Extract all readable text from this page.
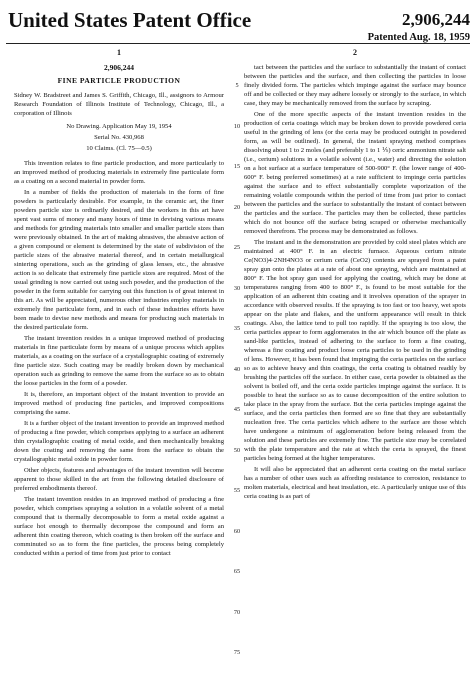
United States Patent Office	2,906,244
Patented Aug. 18, 1959
1
2,906,244
FINE PARTICLE PRODUCTION
Sidney W. Bradstreet and James S. Griffith, Chicago, Ill., assignors to Armour Research Foundation of Illinois Institute of Technology, Chicago, Ill., a corporation of Illinois
No Drawing. Application May 19, 1954
Serial No. 430,968
10 Claims. (Cl. 75—0.5)

This invention relates to fine particle production, and more particularly to an improved method of producing materials in extremely fine particulate form as a coating on a second material in powder form.

In a number of fields the production of materials in the form of fine powders is particularly desirable. For example, in the ceramic art, the finer powders particle size is ordinarily desired, and the workers in this art have spent vast sums of money and many hours of time in devising various means and methods for grinding materials into smaller and smaller particle sizes than were previously obtained. In the art of making abrasives, the abrasive action of a given compound or element is determined by the state of subdivision of the particle sizes of the abrasive material thereof, and in certain metallurgical sintering operations, such as the grinding of glass lenses, etc., the abrasive action is so delicate that extremely fine particle sizes are required. Most of the usual grinding is now carried out using such powder, and the production of the powder in the form suitable for carrying out this function is of great interest in this art. As will be appreciated, numerous other industries employ materials in extremely fine particulate form, and in each of these industries efforts have been made to devise new methods and means for producing such materials in the desired particulate form.

The instant invention resides in a unique improved method of producing materials in fine particulate form by means of a unique process which applies materials, as a coating on the surface of a crystallographic coating of extremely fine particle size. Such coating may be readily broken down by mechanical operation such as grinding to remove the same from the surface so as to obtain the loose particles in the form of a powder.

It is, therefore, an important object of the instant invention to provide an improved method of producing fine particles, and improved compositions comprising the same.

It is a further object of the instant invention to provide an improved method of producing a fine powder, which comprises applying to a surface an adherent thin crystallographic coating of metal oxide, and then mechanically breaking down the coating and removing the same from the surface to obtain the crystallographic metal oxide in powder form.

Other objects, features and advantages of the instant invention will become apparent to those skilled in the art from the following detailed disclosure of preferred embodiments thereof.

The instant invention resides in an improved method of producing a fine powder, which comprises spraying a solution in a volatile solvent of a metal compound that is thermally decomposable to form a metal oxide against a surface hot enough to thermally decompose the compound and form an adherent thin coating thereon, which coating is then broken off the surface and comminuted so as to form the fine particles, the process being completely conducted within a period of time from just prior to contact

2

tact between the particles and the surface to substantially the instant of contact between the particles and the surface, and then collecting the particles in loose finely divided form. The particles which impinge against the surface may bounce off and be collected or they may adhere loosely or strongly to the surface, in which case, they may be mechanically removed from the surface by scraping.

One of the more specific aspects of the instant invention resides in the production of ceria coatings which may be broken down to provide powdered ceria useful in the grinding of lens (or the ceria may be produced outright in powdered form, as will be outlined). In general, the instant spraying method comprises dissolving about 1 to 2 moles (and preferably 1 to 1 ⅕) ceric ammonium nitrate salt (i.e., cerium) solutions in a volatile solvent (i.e., water) and directing the solution on a hot surface at a surface temperature of 500-900° F. (the lower range of 400-600° F. being preferred sometimes) at a rate sufficient to impinge ceria particles against the surface and to effect substantially complete vaporization of the remaining volatile compounds within the period of time from just prior to contact between the particles and the surface to substantially the instant of contact between the particles and the surface. The particles may then be collected, these particles which do not bounce off the surface being scraped or otherwise mechanically removed therefrom. The process may be demonstrated as follows.

The instant and in the demonstration are provided by cold steel plates which are maintained at 400° F. in an electric furnace. Aqueous cerium nitrate Ce(NO3)4·2NH4NO3 or cerium ceria (CeO2) contents are sprayed from a paint spray gun onto the plates at a rate of about one spraying, which are maintained at 800° F. The hot spray gun used for applying the coating, which may be done at temperatures ranging from 400 to 800° F., is found to be most suitable for the application of an adherent thin coating and it involves operation of the sprayer in accordance with observed results. If the spraying is too fast or too heavy, wet spots appear on the plate and flakes, and the uniform appearance will result in thick coatings. Also, the lattice tend to pull too rapidly. If the spraying is too slow, the ceria particles appear to form agglomerates in the air which bounce off the plate as sand-like particles, instead of adhering to the surface to form a fine coating, whereas a fine coating and product loose ceria particles to be used in the grinding of lens. However, it has been found that impinging the ceria particles on the surface so as to achieve heavy and thin coatings, the ceria coating is obtained readily by brushing the particles off the surface. In either case, ceria powder is obtained as the solvent is boiled off, and the ceria oxide particles impinge against the surface. It is possible to heat the surface so as to cause decomposition of the entire solution to take place in the spray from the surface. But the ceria particles impinge against the surface, and the ceria particles then formed are so fine that they are substantially nucleation free. The ceria particles which adhere to the surface are those which have undergone a minimum of agglomeration before being released from the solution and these particles are extremely fine. The particle size may be correlated with the plate temperature and the rate at which the ceria is sprayed, the finest particles being formed at the higher temperatures.

It will also be appreciated that an adherent ceria coating on the metal surface has a number of other uses such as affording resistance to corrosion, resistance to molten materials, electrical and heat insulation, etc. A particularly unique use of this ceria coating is as part of

5
10
15
20
25
30
35
40
45
50
55
60
65
70
75
